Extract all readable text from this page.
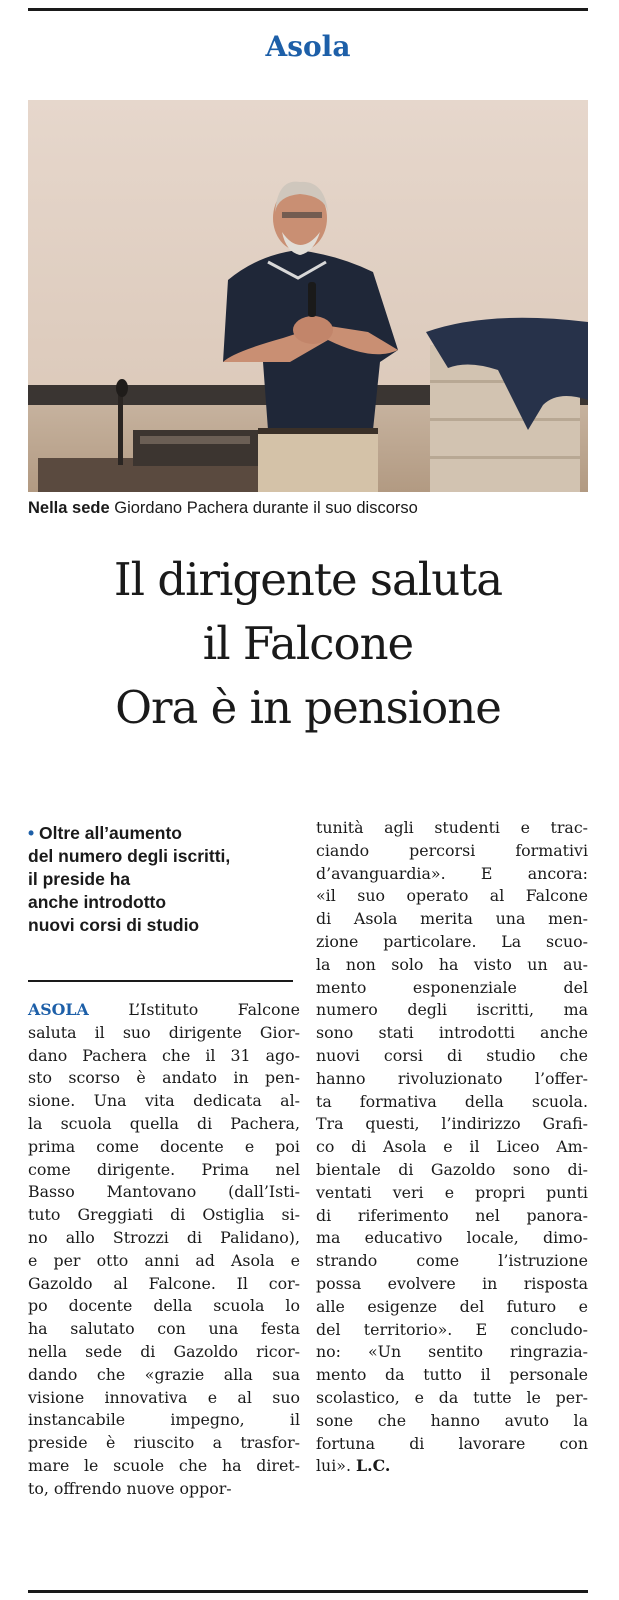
Asola
Nella sede Giordano Pachera durante il suo discorso
Il dirigente saluta
il Falcone
Ora è in pensione
• Oltre all’aumento
del numero degli iscritti,
il preside ha
anche introdotto
nuovi corsi di studio
ASOLA L’Istituto Falcone
saluta il suo dirigente Gior-
dano Pachera che il 31 ago-
sto scorso è andato in pen-
sione. Una vita dedicata al-
la scuola quella di Pachera,
prima come docente e poi
come dirigente. Prima nel
Basso Mantovano (dall’Isti-
tuto Greggiati di Ostiglia si-
no allo Strozzi di Palidano),
e per otto anni ad Asola e
Gazoldo al Falcone. Il cor-
po docente della scuola lo
ha salutato con una festa
nella sede di Gazoldo ricor-
dando che «grazie alla sua
visione innovativa e al suo
instancabile impegno, il
preside è riuscito a trasfor-
mare le scuole che ha diret-
to, offrendo nuove oppor-
tunità agli studenti e trac-
ciando percorsi formativi
d’avanguardia». E ancora:
«il suo operato al Falcone
di Asola merita una men-
zione particolare. La scuo-
la non solo ha visto un au-
mento esponenziale del
numero degli iscritti, ma
sono stati introdotti anche
nuovi corsi di studio che
hanno rivoluzionato l’offer-
ta formativa della scuola.
Tra questi, l’indirizzo Grafi-
co di Asola e il Liceo Am-
bientale di Gazoldo sono di-
ventati veri e propri punti
di riferimento nel panora-
ma educativo locale, dimo-
strando come l’istruzione
possa evolvere in risposta
alle esigenze del futuro e
del territorio». E concludo-
no: «Un sentito ringrazia-
mento da tutto il personale
scolastico, e da tutte le per-
sone che hanno avuto la
fortuna di lavorare con
lui». L.C.
